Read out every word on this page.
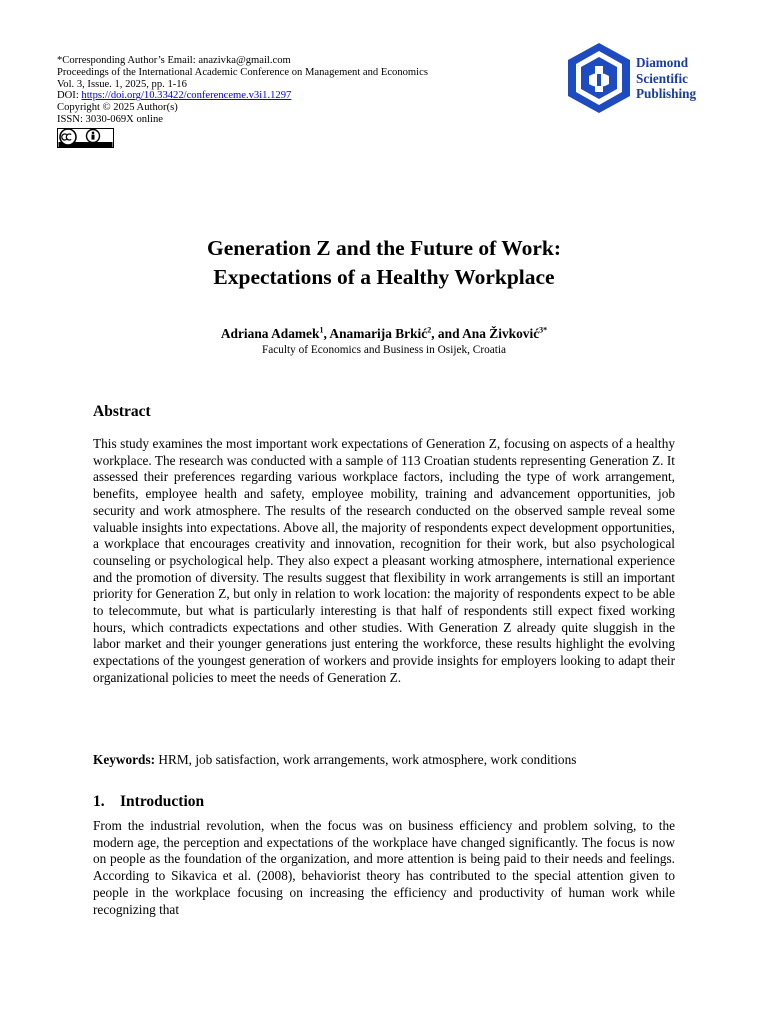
*Corresponding Author’s Email: anazivka@gmail.com
Proceedings of the International Academic Conference on Management and Economics
Vol. 3, Issue. 1, 2025, pp. 1-16
DOI: https://doi.org/10.33422/conferenceme.v3i1.1297
Copyright © 2025 Author(s)
ISSN: 3030-069X online
Diamond
Scientific
Publishing
Generation Z and the Future of Work:
Expectations of a Healthy Workplace
Adriana Adamek$^1$, Anamarija Brkić$^2$, and Ana Živković$^{3*}$
Faculty of Economics and Business in Osijek, Croatia
Abstract
This study examines the most important work expectations of Generation Z, focusing on aspects of a healthy workplace. The research was conducted with a sample of 113 Croatian students representing Generation Z. It assessed their preferences regarding various workplace factors, including the type of work arrangement, benefits, employee health and safety, employee mobility, training and advancement opportunities, job security and work atmosphere. The results of the research conducted on the observed sample reveal some valuable insights into expectations. Above all, the majority of respondents expect development opportunities, a workplace that encourages creativity and innovation, recognition for their work, but also psychological counseling or psychological help. They also expect a pleasant working atmosphere, international experience and the promotion of diversity. The results suggest that flexibility in work arrangements is still an important priority for Generation Z, but only in relation to work location: the majority of respondents expect to be able to telecommute, but what is particularly interesting is that half of respondents still expect fixed working hours, which contradicts expectations and other studies. With Generation Z already quite sluggish in the labor market and their younger generations just entering the workforce, these results highlight the evolving expectations of the youngest generation of workers and provide insights for employers looking to adapt their organizational policies to meet the needs of Generation Z.
Keywords: HRM, job satisfaction, work arrangements, work atmosphere, work conditions
1. Introduction
From the industrial revolution, when the focus was on business efficiency and problem solving, to the modern age, the perception and expectations of the workplace have changed significantly. The focus is now on people as the foundation of the organization, and more attention is being paid to their needs and feelings. According to Sikavica et al. (2008), behaviorist theory has contributed to the special attention given to people in the workplace focusing on increasing the efficiency and productivity of human work while recognizing that
